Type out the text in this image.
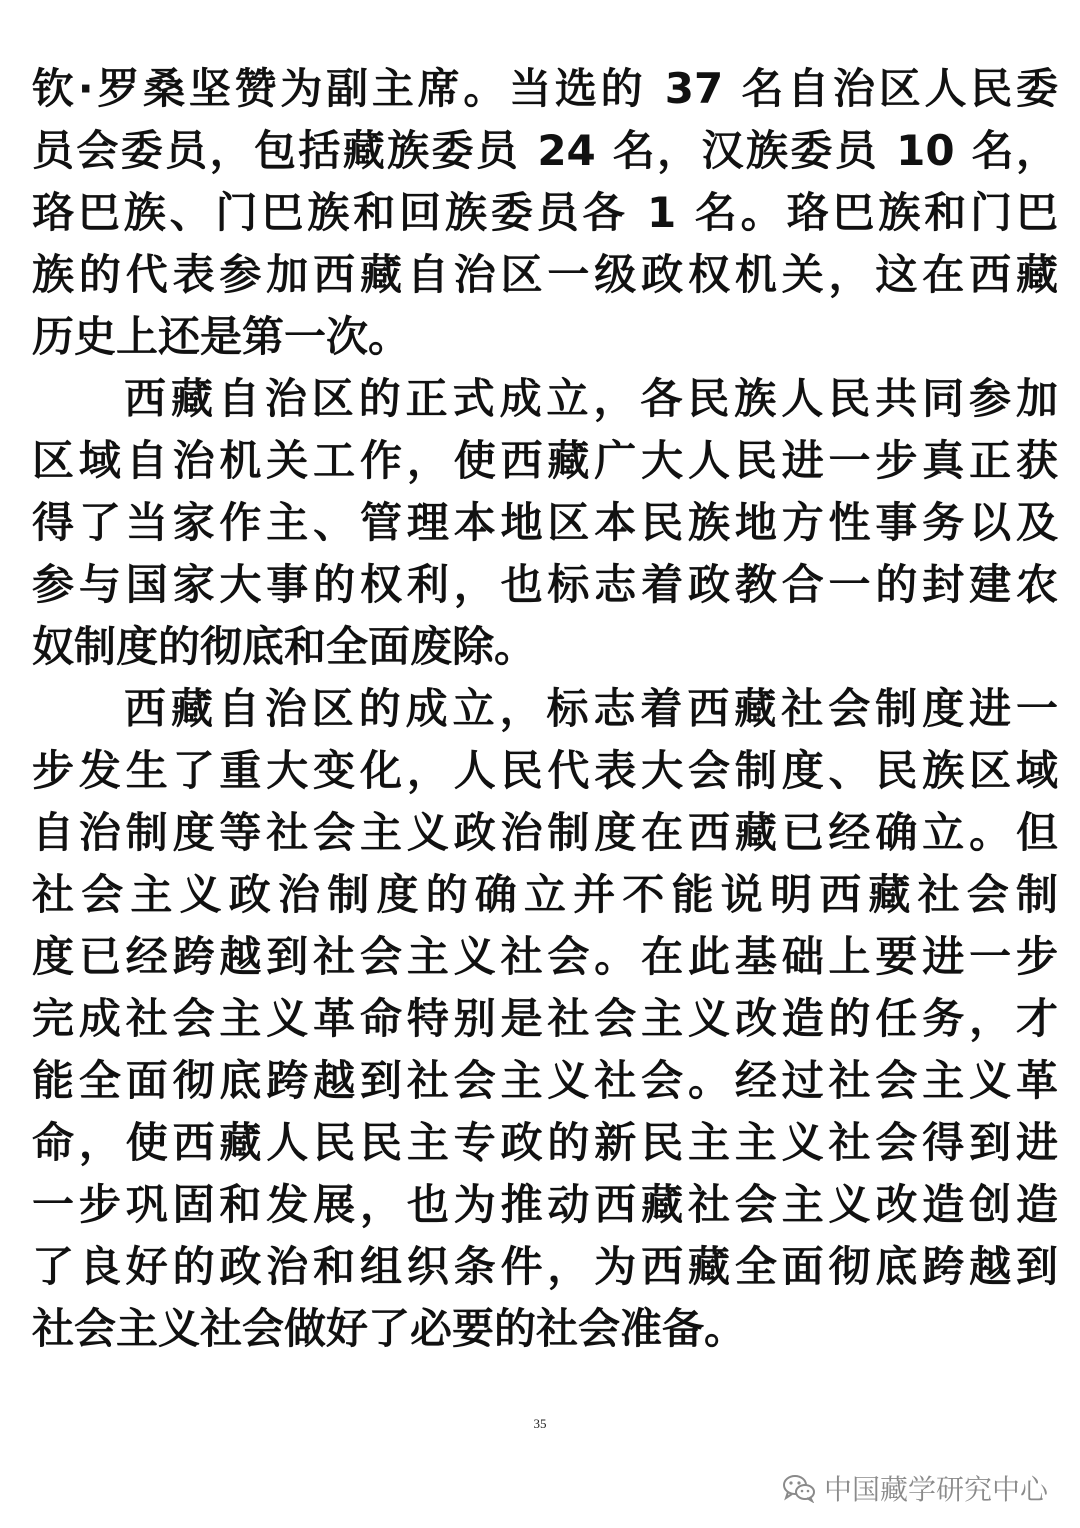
钦·罗桑坚赞为副主席。当选的 37 名自治区人民委
员会委员，包括藏族委员 24 名，汉族委员 10 名，
珞巴族、门巴族和回族委员各 1 名。珞巴族和门巴
族的代表参加西藏自治区一级政权机关，这在西藏
历史上还是第一次。
西藏自治区的正式成立，各民族人民共同参加
区域自治机关工作，使西藏广大人民进一步真正获
得了当家作主、管理本地区本民族地方性事务以及
参与国家大事的权利，也标志着政教合一的封建农
奴制度的彻底和全面废除。
西藏自治区的成立，标志着西藏社会制度进一
步发生了重大变化，人民代表大会制度、民族区域
自治制度等社会主义政治制度在西藏已经确立。但
社会主义政治制度的确立并不能说明西藏社会制
度已经跨越到社会主义社会。在此基础上要进一步
完成社会主义革命特别是社会主义改造的任务，才
能全面彻底跨越到社会主义社会。经过社会主义革
命，使西藏人民民主专政的新民主主义社会得到进
一步巩固和发展，也为推动西藏社会主义改造创造
了良好的政治和组织条件，为西藏全面彻底跨越到
社会主义社会做好了必要的社会准备。
35
中国藏学研究中心
